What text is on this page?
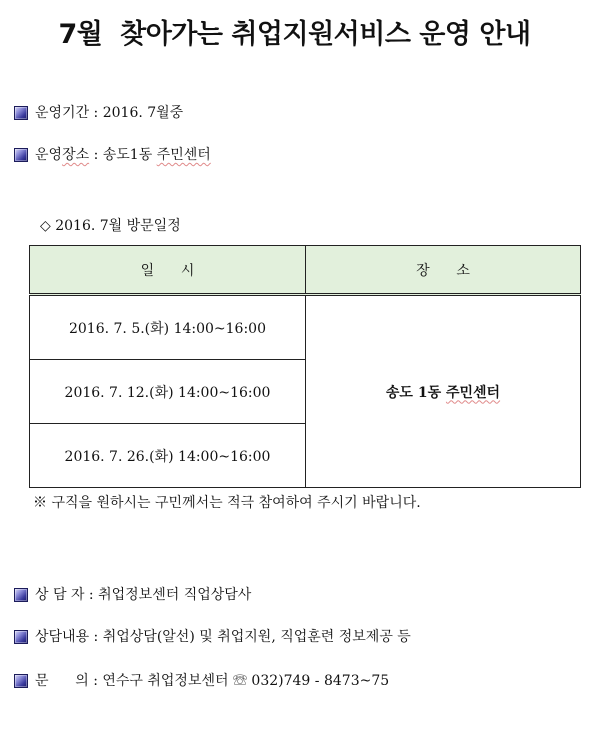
7월  찾아가는 취업지원서비스 운영 안내
운영기간 : 2016. 7월중
운영 장소 : 송도1동 주민센터
◇ 2016. 7월 방문일정
일      시	장      소
2016. 7. 5.(화) 14:00~16:00	송도 1동 주민센터
2016. 7. 12.(화) 14:00~16:00	
2016. 7. 26.(화) 14:00~16:00	
※ 구직을 원하시는 구민께서는 적극 참여하여 주시기 바랍니다.
상 담 자 : 취업정보센터 직업상담사
상담내용 : 취업상담(알선) 및 취업지원, 직업훈련 정보제공 등
문      의 : 연수구 취업정보센터 ☏ 032)749 - 8473~75
